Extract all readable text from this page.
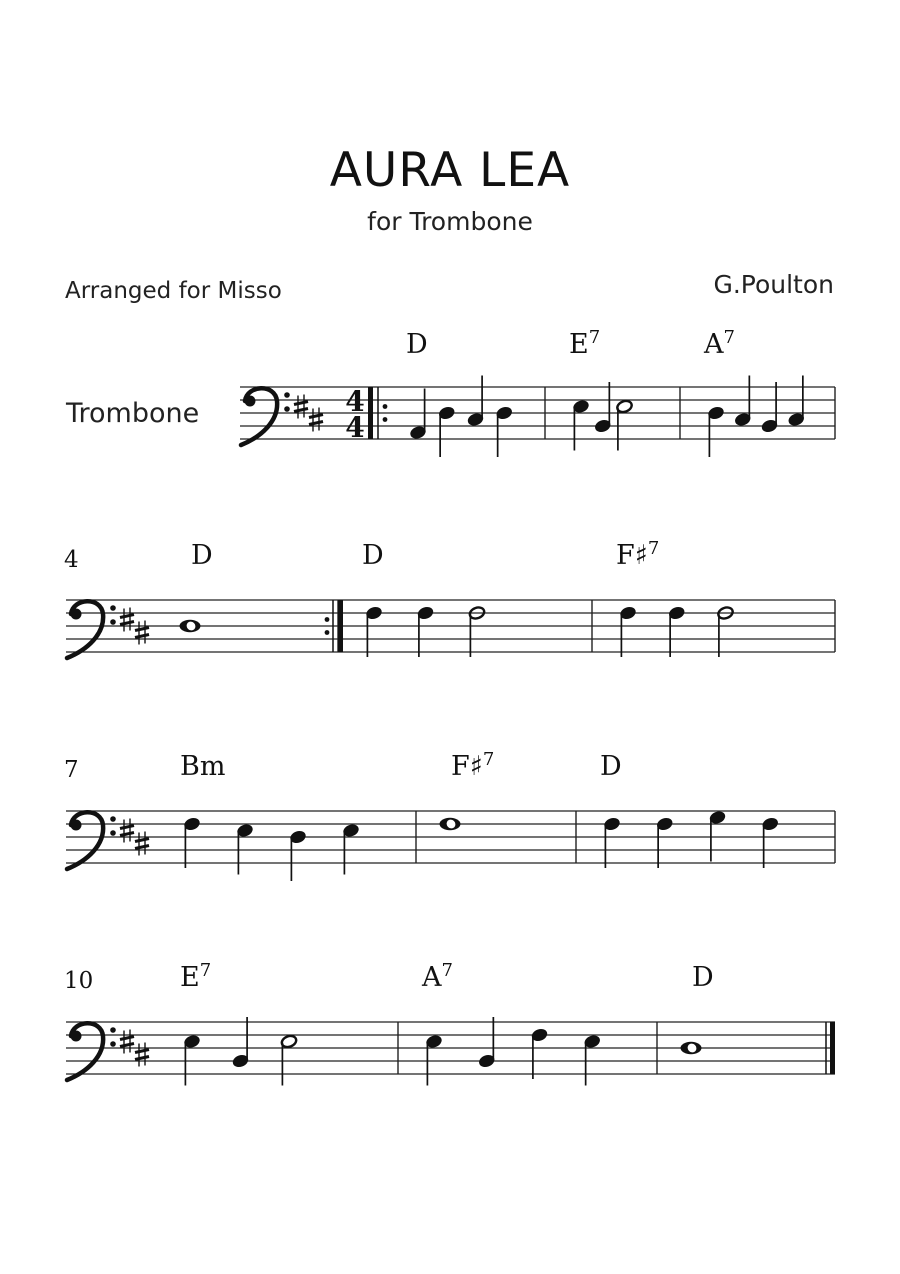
AURA LEA
for Trombone
Arranged for Misso	G.Poulton
Trombone	4
4
D	$E^7$	$A^7$
4	D	D	F♯$^7$
7	Bm	F♯$^7$	D
10	$E^7$	$A^7$	D
